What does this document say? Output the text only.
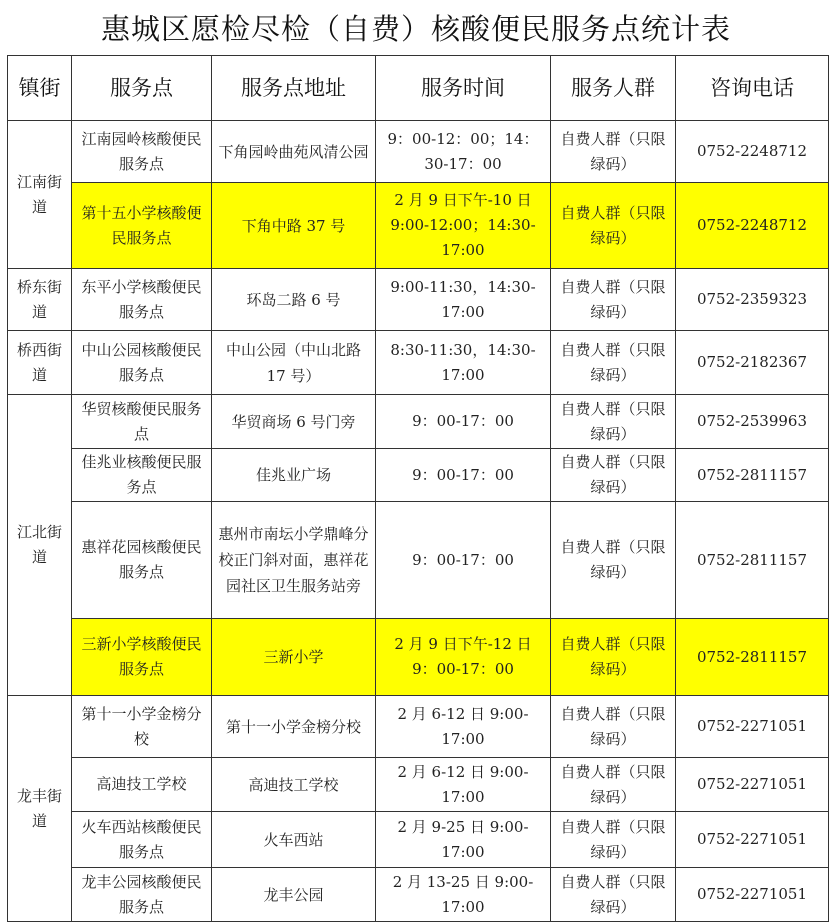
惠城区愿检尽检（自费）核酸便民服务点统计表
镇街	服务点	服务点地址	服务时间	服务人群	咨询电话
江南街道	江南园岭核酸便民服务点	下角园岭曲苑风清公园	9：00-12：00；14：30-17：00	自费人群（只限绿码）	0752-2248712
	第十五小学核酸便民服务点	下角中路 37 号	2 月 9 日下午-10 日 9:00-12:00；14:30-17:00	自费人群（只限绿码）	0752-2248712
桥东街道	东平小学核酸便民服务点	环岛二路 6 号	9:00-11:30，14:30-17:00	自费人群（只限绿码）	0752-2359323
桥西街道	中山公园核酸便民服务点	中山公园（中山北路 17 号）	8:30-11:30，14:30-17:00	自费人群（只限绿码）	0752-2182367
江北街道	华贸核酸便民服务点	华贸商场 6 号门旁	9：00-17：00	自费人群（只限绿码）	0752-2539963
	佳兆业核酸便民服务点	佳兆业广场	9：00-17：00	自费人群（只限绿码）	0752-2811157
	惠祥花园核酸便民服务点	惠州市南坛小学鼎峰分校正门斜对面，惠祥花园社区卫生服务站旁	9：00-17：00	自费人群（只限绿码）	0752-2811157
	三新小学核酸便民服务点	三新小学	2 月 9 日下午-12 日 9：00-17：00	自费人群（只限绿码）	0752-2811157
龙丰街道	第十一小学金榜分校	第十一小学金榜分校	2 月 6-12 日 9:00-17:00	自费人群（只限绿码）	0752-2271051
	高迪技工学校	高迪技工学校	2 月 6-12 日 9:00-17:00	自费人群（只限绿码）	0752-2271051
	火车西站核酸便民服务点	火车西站	2 月 9-25 日 9:00-17:00	自费人群（只限绿码）	0752-2271051
	龙丰公园核酸便民服务点	龙丰公园	2 月 13-25 日 9:00-17:00	自费人群（只限绿码）	0752-2271051
